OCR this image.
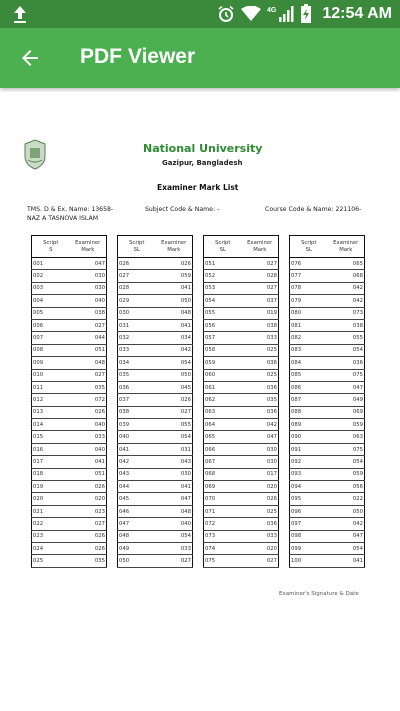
4G	12:54 AM
PDF Viewer
National University
Gazipur, Bangladesh
Examiner Mark List
TMS. D & Ex. Name: 13658-
NAZ A TASNOVA ISLAM
Subject Code & Name: -	Course Code & Name: 221106-
Script
S	Examiner
Mark
001	047
002	030
003	030
004	040
005	038
006	027
007	044
008	051
009	048
010	027
011	035
012	072
013	026
014	040
015	033
016	040
017	041
018	051
019	026
020	020
021	023
022	027
023	026
024	026
025	035
Script
SL	Examiner
Mark
026	026
027	059
028	041
029	050
030	048
031	041
032	034
033	042
034	054
035	050
036	045
037	026
038	027
039	055
040	054
041	031
042	043
043	030
044	041
045	047
046	048
047	040
048	054
049	033
050	027
Script
SL	Examiner
Mark
051	027
052	028
053	027
054	037
055	019
056	038
057	033
058	025
059	036
060	025
061	036
062	035
063	036
064	042
065	047
066	030
067	030
068	017
069	020
070	026
071	025
072	036
073	033
074	020
075	027
Script
SL	Examiner
Mark
076	065
077	068
078	042
079	042
080	073
081	038
082	055
083	054
084	036
085	075
086	047
087	049
088	069
089	059
090	063
091	075
092	054
093	059
094	056
095	022
096	050
097	042
098	047
099	054
100	041
Examiner's Signature & Date
